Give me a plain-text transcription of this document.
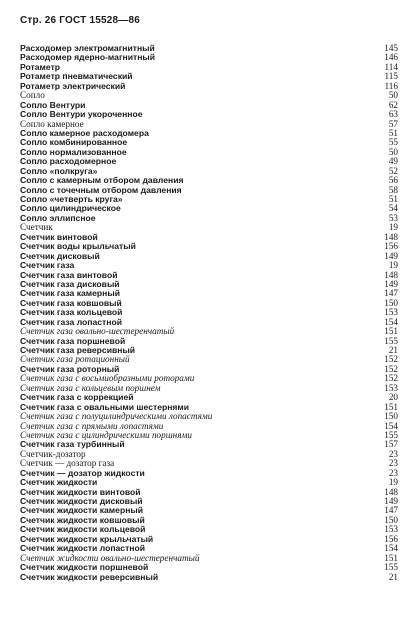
Стр. 26 ГОСТ 15528—86
Расходомер электромагнитный	145
Расходомер ядерно-магнитный	146
Ротаметр	114
Ротаметр пневматический	115
Ротаметр электрический	116
Сопло	50
Сопло Вентури	62
Сопло Вентури укороченное	63
Сопло камерное	57
Сопло камерное расходомера	51
Сопло комбинированное	55
Сопло нормализованное	50
Сопло расходомерное	49
Сопло «полкруга»	52
Сопло с камерным отбором давления	56
Сопло с точечным отбором давления	58
Сопло «четверть круга»	51
Сопло цилиндрическое	54
Сопло эллипсное	53
Счетчик	19
Счетчик винтовой	148
Счетчик воды крыльчатый	156
Счетчик дисковый	149
Счетчик газа	19
Счетчик газа винтовой	148
Счетчик газа дисковый	149
Счетчик газа камерный	147
Счетчик газа ковшовый	150
Счетчик газа кольцевой	153
Счетчик газа лопастной	154
Счетчик газа овально-шестеренчатый	151
Счетчик газа поршневой	155
Счетчик газа реверсивный	21
Счетчик газа ротационный	152
Счетчик газа роторный	152
Счетчик газа с восьмиобразными роторами	152
Счетчик газа с кольцевым поршнем	153
Счетчик газа с коррекцией	20
Счетчик газа с овальными шестернями	151
Счетчик газа с полуцилиндрическими лопастями	150
Счетчик газа с прямыми лопастями	154
Счетчик газа с цилиндрическими поршнями	155
Счетчик газа турбинный	157
Счетчик-дозатор	23
Счетчик — дозатор газа	23
Счетчик — дозатор жидкости	23
Счетчик жидкости	19
Счетчик жидкости винтовой	148
Счетчик жидкости дисковый	149
Счетчик жидкости камерный	147
Счетчик жидкости ковшовый	150
Счетчик жидкости кольцевой	153
Счетчик жидкости крыльчатый	156
Счетчик жидкости лопастной	154
Счетчик жидкости овально-шестеренчатый	151
Счетчик жидкости поршневой	155
Счетчик жидкости реверсивный	21
